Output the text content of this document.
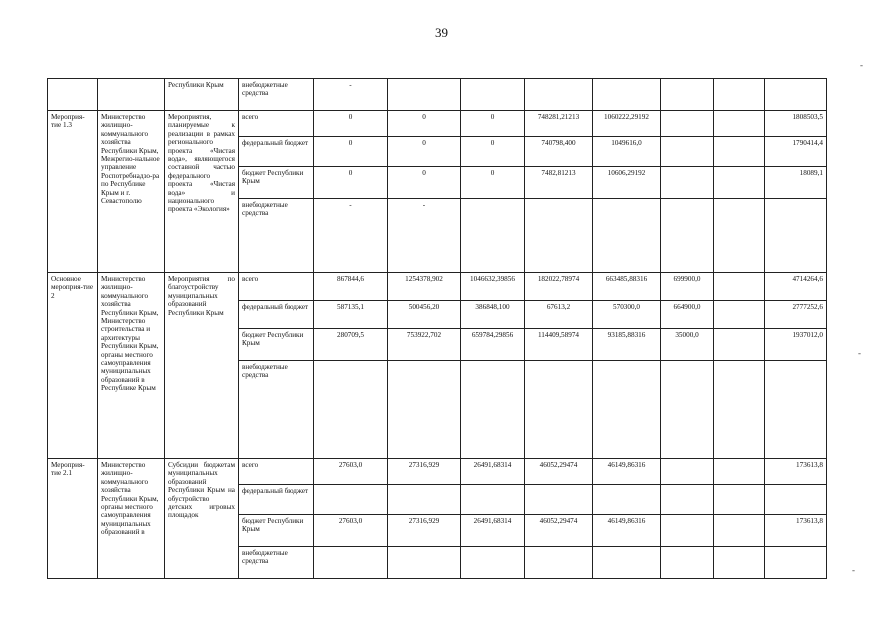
39
		Республики Крым	внебюджетные средства	-							
Мероприя-тие 1.3	Министерство жилищно-коммунального хозяйства Республики Крым, Межрегио-нальное управление Роспотребнадзо-ра по Республике Крым и г. Севастополю	Мероприятия, планируемые к реализации в рамках регионального проекта «Чистая вода», являющегося составной частью федерального проекта «Чистая вода» и национального проекта «Экология»	всего	0	0	0	748281,21213	1060222,29192			1808503,5
			федеральный бюджет	0	0	0	740798,400	1049616,0			1790414,4
			бюджет Республики Крым	0	0	0	7482,81213	10606,29192			18089,1
			внебюджетные средства	-	-						
Основное мероприя-тие 2	Министерство жилищно-коммунального хозяйства Республики Крым, Министерство строительства и архитектуры Республики Крым, органы местного самоуправления муниципальных образований в Республике Крым	Мероприятия по благоустройству муниципальных образований Республики Крым	всего	867844,6	1254378,902	1046632,39856	182022,78974	663485,88316	699900,0		4714264,6
			федеральный бюджет	587135,1	500456,20	386848,100	67613,2	570300,0	664900,0		2777252,6
			бюджет Республики Крым	280709,5	753922,702	659784,29856	114409,58974	93185,88316	35000,0		1937012,0
			внебюджетные средства								
Мероприя-тие 2.1	Министерство жилищно-коммунального хозяйства Республики Крым, органы местного самоуправления муниципальных образований в	Субсидии бюджетам муниципальных образований Республики Крым на обустройство детских игровых площадок	всего	27603,0	27316,929	26491,68314	46052,29474	46149,86316			173613,8
			федеральный бюджет								
			бюджет Республики Крым	27603,0	27316,929	26491,68314	46052,29474	46149,86316			173613,8
			внебюджетные средства								
-
-
-
